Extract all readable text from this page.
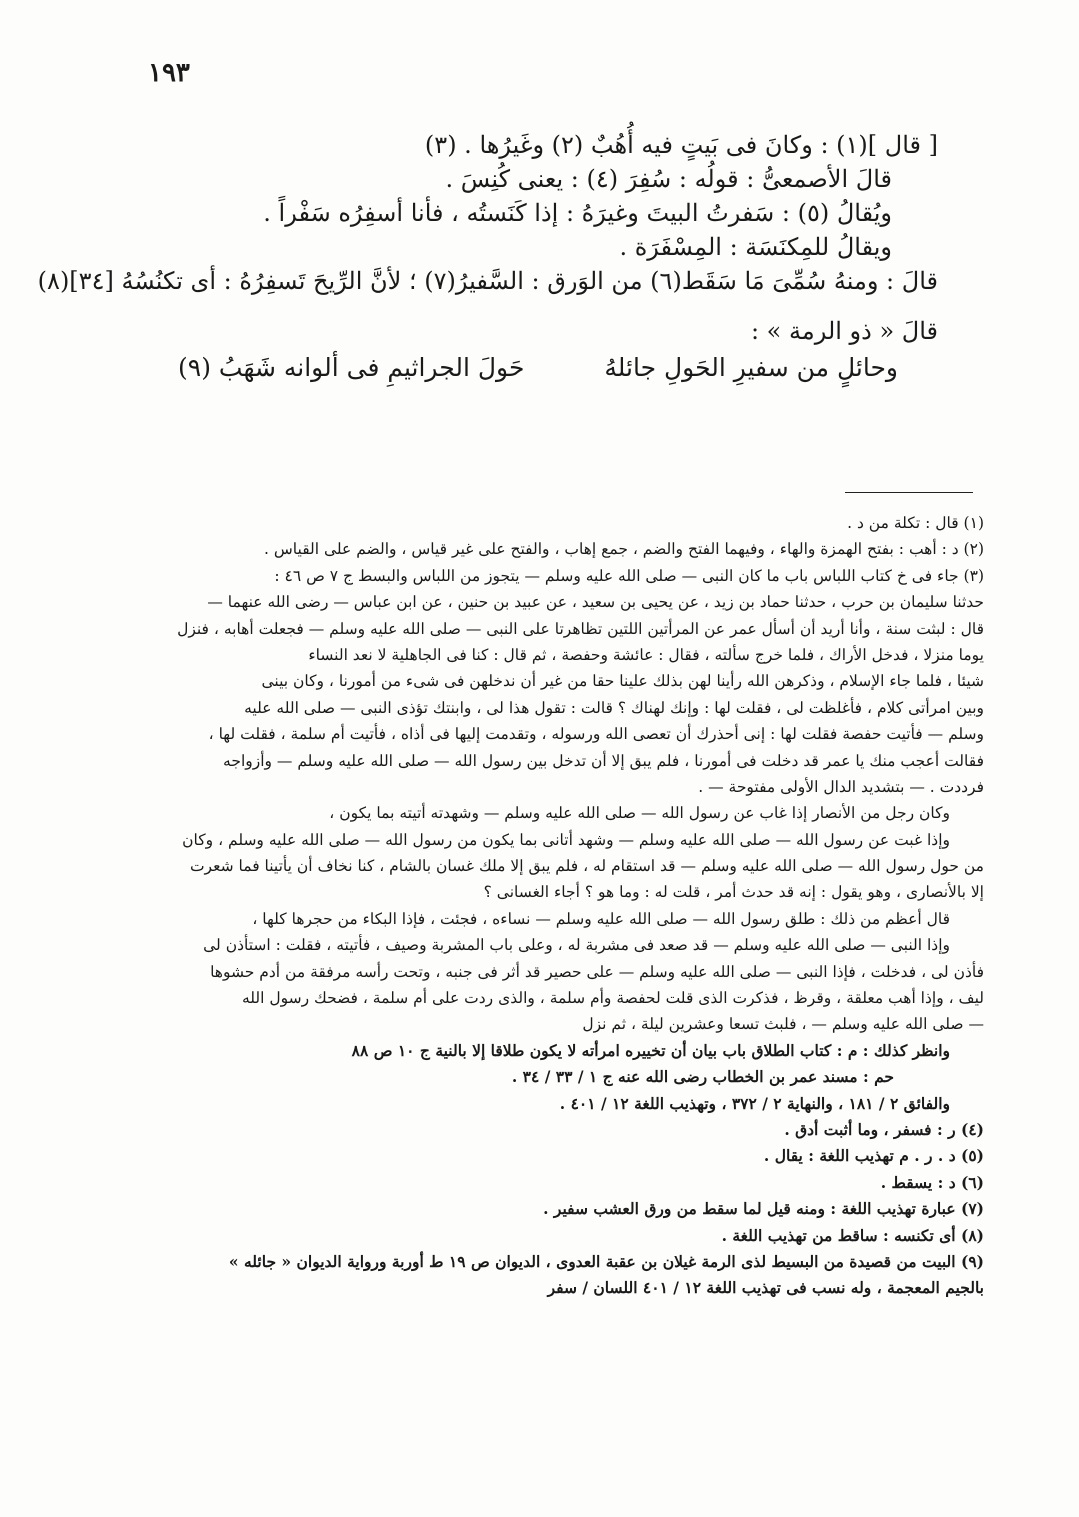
١٩٣
[ قال ](١) : وكانَ فى بَيتٍ فيه أُهُبٌ (٢) وغَيرُها . (٣)
قالَ الأصمعىُّ : قولُه : سُفِرَ (٤) : يعنى كُنِسَ .
ويُقالُ (٥) : سَفرتُ البيتَ وغيرَهُ : إذا كَنَستُه ، فأنا أسفِرُه سَفْراً .
ويقالُ للمِكنَسَة : المِسْفَرَة .
قالَ : ومنهُ سُمِّىَ مَا سَقَط(٦) من الوَرق : السَّفيرُ(٧) ؛ لأنَّ الرِّيحَ تَسفِرُهُ : أى تكنُسُهُ [٣٤](٨)
قالَ « ذو الرمة » :
وحائلٍ من سفيرِ الحَولِ جائلهُ
حَولَ الجراثيمِ فى ألوانه شَهَبُ (٩)
(١) قال : تكلة من د .
(٢) د : أهب : بفتح الهمزة والهاء ، وفيهما الفتح والضم ، جمع إهاب ، والفتح على غير قياس ، والضم على القياس .
(٣) جاء فى خ كتاب اللباس باب ما كان النبى — صلى الله عليه وسلم — يتجوز من اللباس والبسط ج ٧ ص ٤٦ :
حدثنا سليمان بن حرب ، حدثنا حماد بن زيد ، عن يحيى بن سعيد ، عن عبيد بن حنين ، عن ابن عباس — رضى الله عنهما —
قال : لبثت سنة ، وأنا أريد أن أسأل عمر عن المرأتين اللتين تظاهرتا على النبى — صلى الله عليه وسلم — فجعلت أهابه ، فنزل
يوما منزلا ، فدخل الأراك ، فلما خرج سألته ، فقال : عائشة وحفصة ، ثم قال : كنا فى الجاهلية لا نعد النساء
شيئا ، فلما جاء الإسلام ، وذكرهن الله رأينا لهن بذلك علينا حقا من غير أن ندخلهن فى شىء من أمورنا ، وكان بينى
وبين امرأتى كلام ، فأغلظت لى ، فقلت لها : وإنك لهناك ؟ قالت : تقول هذا لى ، وابنتك تؤذى النبى — صلى الله عليه
وسلم — فأتيت حفصة فقلت لها : إنى أحذرك أن تعصى الله ورسوله ، وتقدمت إليها فى أذاه ، فأتيت أم سلمة ، فقلت لها ،
فقالت أعجب منك يا عمر قد دخلت فى أمورنا ، فلم يبق إلا أن تدخل بين رسول الله — صلى الله عليه وسلم — وأزواجه
فرددت . — بتشديد الدال الأولى مفتوحة — .
وكان رجل من الأنصار إذا غاب عن رسول الله — صلى الله عليه وسلم — وشهدته أتيته بما يكون ،
وإذا غبت عن رسول الله — صلى الله عليه وسلم — وشهد أتانى بما يكون من رسول الله — صلى الله عليه وسلم ، وكان
من حول رسول الله — صلى الله عليه وسلم — قد استقام له ، فلم يبق إلا ملك غسان بالشام ، كنا نخاف أن يأتينا فما شعرت
إلا بالأنصارى ، وهو يقول : إنه قد حدث أمر ، قلت له : وما هو ؟ أجاء الغسانى ؟
قال أعظم من ذلك : طلق رسول الله — صلى الله عليه وسلم — نساءه ، فجئت ، فإذا البكاء من حجرها كلها ،
وإذا النبى — صلى الله عليه وسلم — قد صعد فى مشربة له ، وعلى باب المشربة وصيف ، فأتيته ، فقلت : استأذن لى
فأذن لى ، فدخلت ، فإذا النبى — صلى الله عليه وسلم — على حصير قد أثر فى جنبه ، وتحت رأسه مرفقة من أدم حشوها
ليف ، وإذا أهب معلقة ، وقرظ ، فذكرت الذى قلت لحفصة وأم سلمة ، والذى ردت على أم سلمة ، فضحك رسول الله
— صلى الله عليه وسلم — ، فلبث تسعا وعشرين ليلة ، ثم نزل
وانظر كذلك : م : كتاب الطلاق باب بيان أن تخييره امرأته لا يكون طلاقا إلا بالنية ج ١٠ ص ٨٨
حم : مسند عمر بن الخطاب رضى الله عنه ج ١ / ٣٣ / ٣٤ .
والفائق ٢ / ١٨١ ، والنهاية ٢ / ٣٧٢ ، وتهذيب اللغة ١٢ / ٤٠١ .
(٤) ر : فسفر ، وما أثبت أدق .
(٥) د . ر . م تهذيب اللغة : يقال .
(٦) د : يسقط .
(٧) عبارة تهذيب اللغة : ومنه قيل لما سقط من ورق العشب سفير .
(٨) أى تكنسه : ساقط من تهذيب اللغة .
(٩) البيت من قصيدة من البسيط لذى الرمة غيلان بن عقبة العدوى ، الديوان ص ١٩ ط أوربة ورواية الديوان « جائله »
بالجيم المعجمة ، وله نسب فى تهذيب اللغة ١٢ / ٤٠١ اللسان / سفر
